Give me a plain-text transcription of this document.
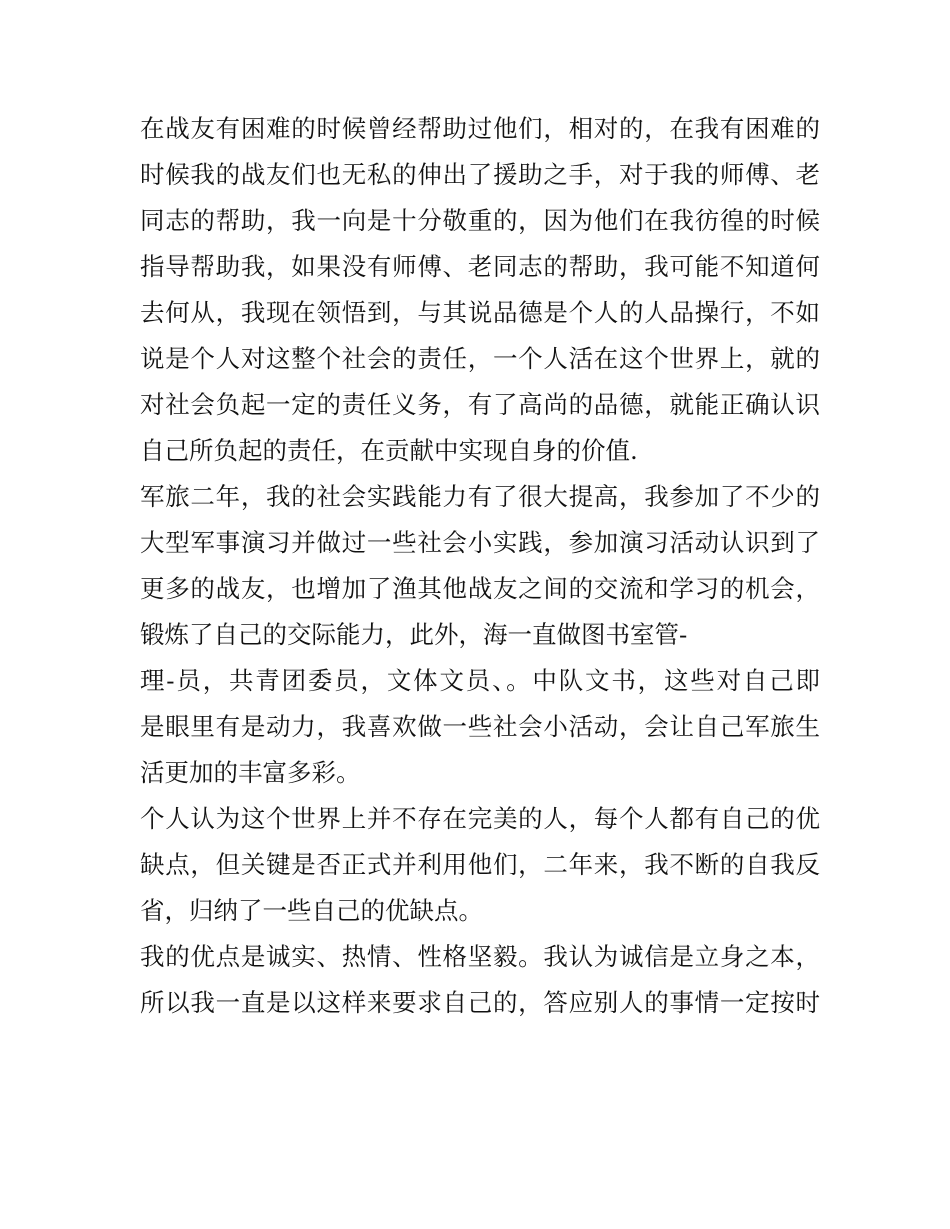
在战友有困难的时候曾经帮助过他们，相对的，在我有困难的
时候我的战友们也无私的伸出了援助之手，对于我的师傅、老
同志的帮助，我一向是十分敬重的，因为他们在我彷徨的时候
指导帮助我，如果没有师傅、老同志的帮助，我可能不知道何
去何从，我现在领悟到，与其说品德是个人的人品操行，不如
说是个人对这整个社会的责任，一个人活在这个世界上，就的
对社会负起一定的责任义务，有了高尚的品德，就能正确认识
自己所负起的责任，在贡献中实现自身的价值.
军旅二年，我的社会实践能力有了很大提高，我参加了不少的
大型军事演习并做过一些社会小实践，参加演习活动认识到了
更多的战友，也增加了渔其他战友之间的交流和学习的机会，
锻炼了自己的交际能力，此外，海一直做图书室管-
理-员，共青团委员，文体文员、。中队文书，这些对自己即
是眼里有是动力，我喜欢做一些社会小活动，会让自己军旅生
活更加的丰富多彩。
个人认为这个世界上并不存在完美的人，每个人都有自己的优
缺点，但关键是否正式并利用他们，二年来，我不断的自我反
省，归纳了一些自己的优缺点。
我的优点是诚实、热情、性格坚毅。我认为诚信是立身之本，
所以我一直是以这样来要求自己的，答应别人的事情一定按时
